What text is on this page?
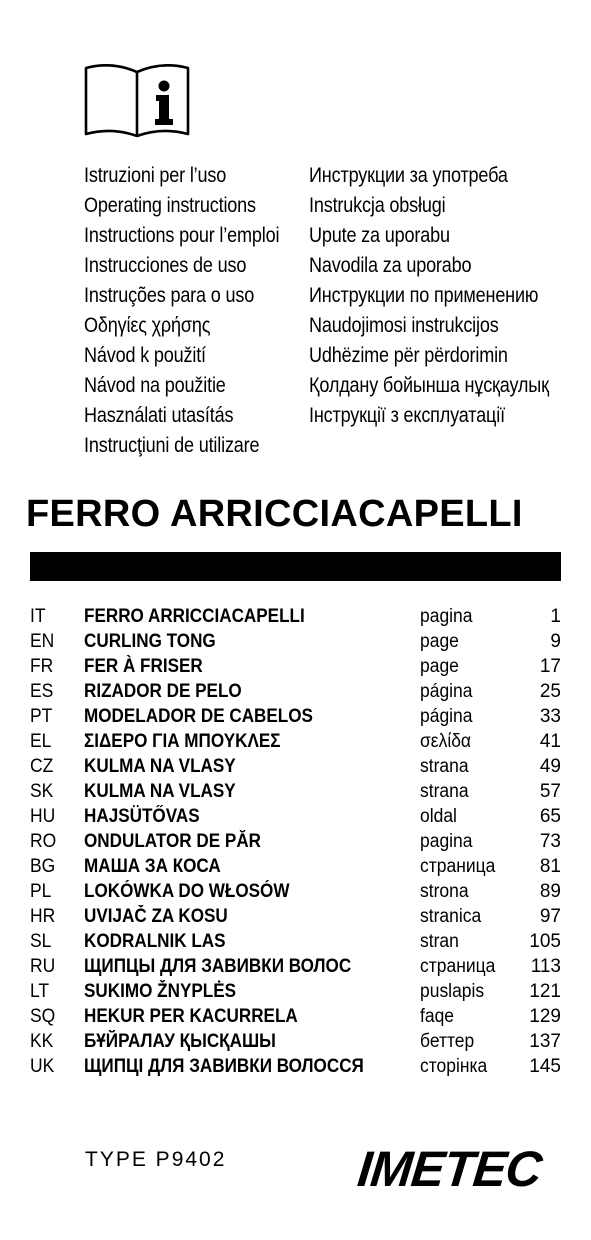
Istruzioni per l’uso
Operating instructions
Instructions pour l’emploi
Instrucciones de uso
Instruções para o uso
Οδηγίες χρήσης
Návod k použití
Návod na použitie
Használati utasítás
Instrucţiuni de utilizare
Инструкции за употреба
Instrukcja obsługi
Upute za uporabu
Navodila za uporabo
Инструкции по применению
Naudojimosi instrukcijos
Udhëzime për përdorimin
Қолдану бойынша нұсқаулық
Інструкції з експлуатації
FERRO ARRICCIACAPELLI
IT FERRO ARRICCIACAPELLI	pagina	1
EN CURLING TONG	page	9
FR FER À FRISER	page	17
ES RIZADOR DE PELO	página	25
PT MODELADOR DE CABELOS	página	33
EL ΣΙΔΕΡΟ ΓΙΑ ΜΠΟΥΚΛΕΣ	σελίδα	41
CZ KULMA NA VLASY	strana	49
SK KULMA NA VLASY	strana	57
HU HAJSÜTŐVAS	oldal	65
RO ONDULATOR DE PĂR	pagina	73
BG МАША ЗА КОСА	страница 81
PL LOKÓWKA DO WŁOSÓW	strona	89
HR UVIJAČ ZA KOSU	stranica	97
SL KODRALNIK LAS	stran	105
RU ЩИПЦЫ ДЛЯ ЗАВИВКИ ВОЛОС	страница 113
LT SUKIMO ŽNYPLĖS	puslapis 121
SQ HEKUR PER KACURRELA	faqe	129
KK БҰЙРАЛАУ ҚЫСҚАШЫ	беттер	137
UK ЩИПЦІ ДЛЯ ЗАВИВКИ ВОЛОССЯ	сторінка 145
TYPE P9402	IMETEC
